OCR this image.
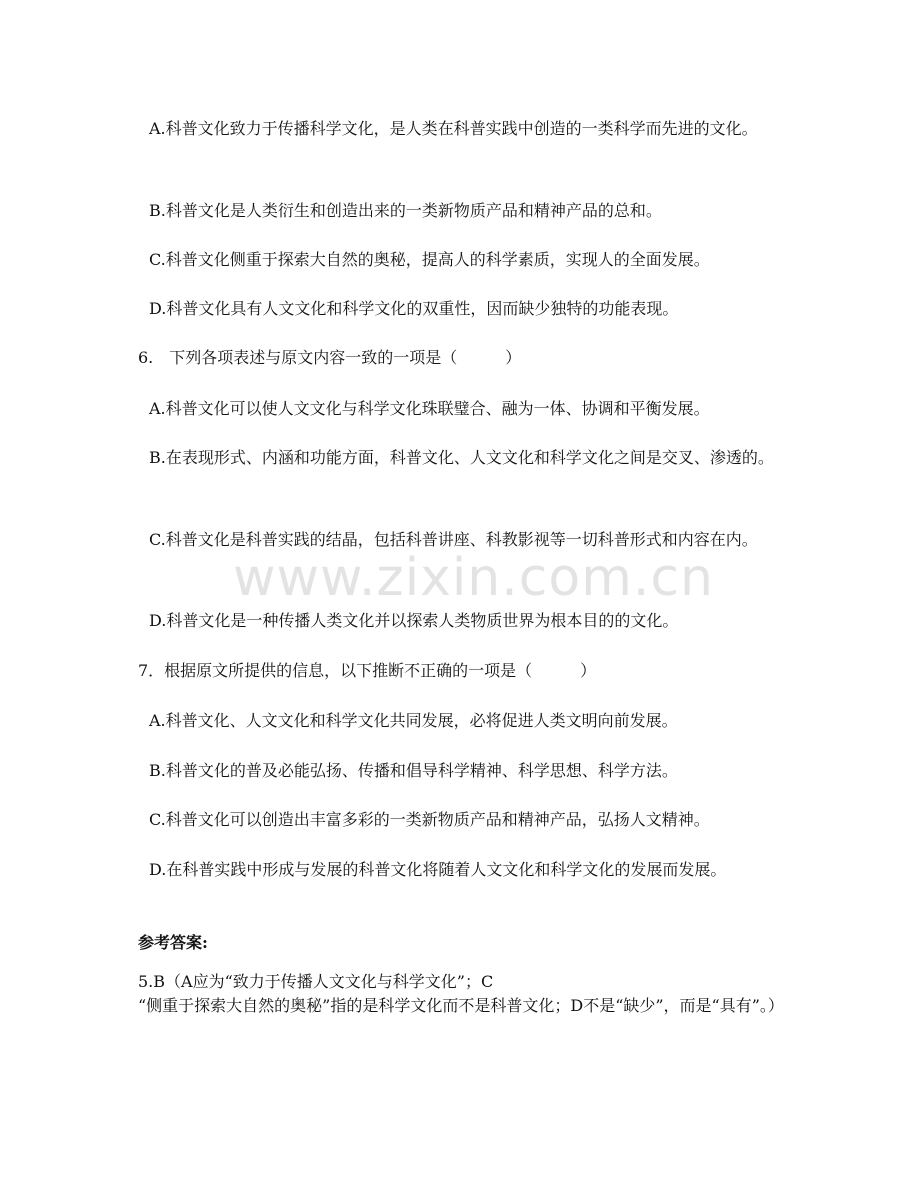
A.科普文化致力于传播科学文化，是人类在科普实践中创造的一类科学而先进的文化。

B.科普文化是人类衍生和创造出来的一类新物质产品和精神产品的总和。

C.科普文化侧重于探索大自然的奥秘，提高人的科学素质，实现人的全面发展。

D.科普文化具有人文文化和科学文化的双重性，因而缺少独特的功能表现。

6.　下列各项表述与原文内容一致的一项是（　　　）

A.科普文化可以使人文文化与科学文化珠联璧合、融为一体、协调和平衡发展。

B.在表现形式、内涵和功能方面，科普文化、人文文化和科学文化之间是交叉、渗透的。

C.科普文化是科普实践的结晶，包括科普讲座、科教影视等一切科普形式和内容在内。

D.科普文化是一种传播人类文化并以探索人类物质世界为根本目的的文化。

7．根据原文所提供的信息，以下推断不正确的一项是（　　　）

A.科普文化、人文文化和科学文化共同发展，必将促进人类文明向前发展。

B.科普文化的普及必能弘扬、传播和倡导科学精神、科学思想、科学方法。

C.科普文化可以创造出丰富多彩的一类新物质产品和精神产品，弘扬人文精神。

D.在科普实践中形成与发展的科普文化将随着人文文化和科学文化的发展而发展。

参考答案:

5.B（A应为“致力于传播人文文化与科学文化”；C

“侧重于探索大自然的奥秘”指的是科学文化而不是科普文化；D不是“缺少”，而是“具有”。）

www.zixin.com.cn
